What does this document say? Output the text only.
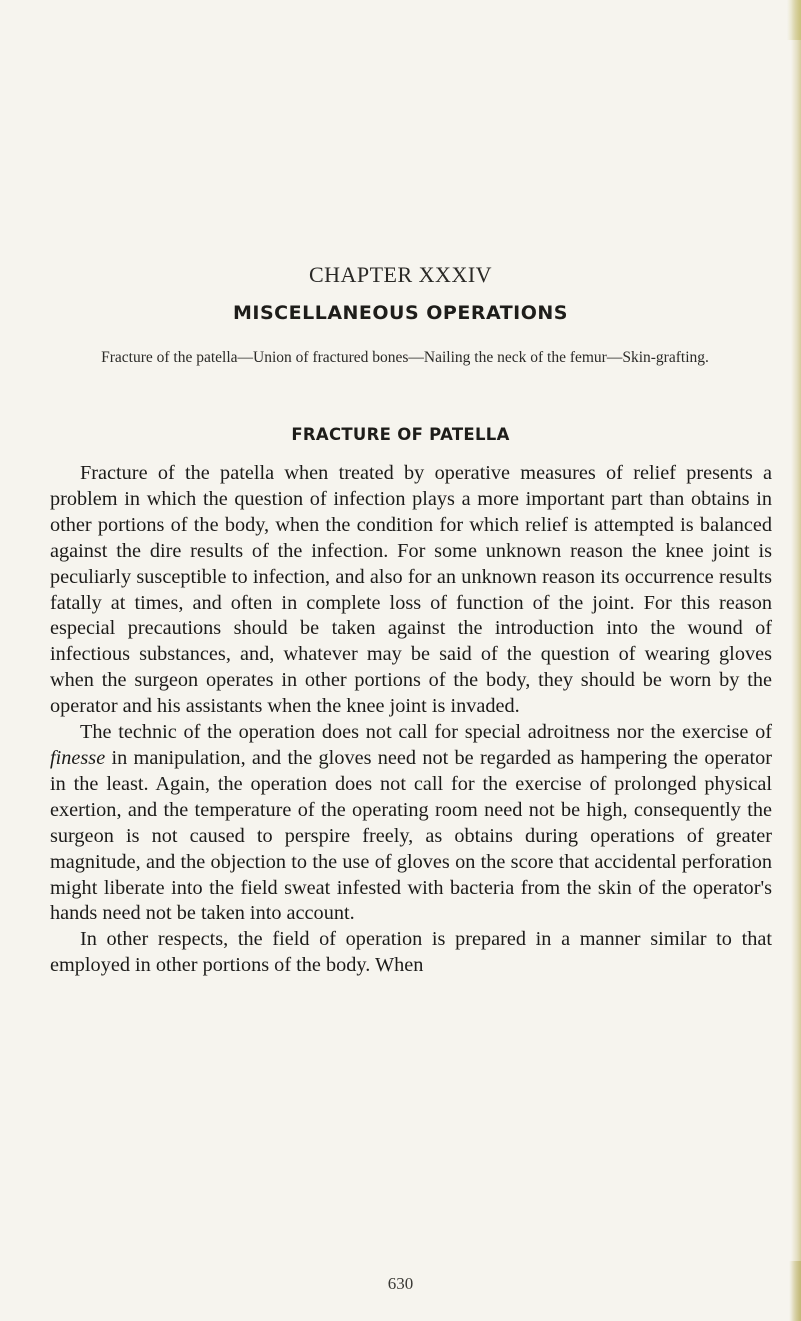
CHAPTER XXXIV
MISCELLANEOUS OPERATIONS
Fracture of the patella—Union of fractured bones—Nailing the neck of the femur—Skin-grafting.
FRACTURE OF PATELLA

Fracture of the patella when treated by operative measures of relief presents a problem in which the question of infection plays a more important part than obtains in other portions of the body, when the condition for which relief is attempted is balanced against the dire results of the infection. For some unknown reason the knee joint is peculiarly susceptible to infection, and also for an unknown reason its occurrence results fatally at times, and often in complete loss of function of the joint. For this reason especial precautions should be taken against the introduction into the wound of infectious substances, and, whatever may be said of the question of wearing gloves when the surgeon operates in other portions of the body, they should be worn by the operator and his assistants when the knee joint is invaded.

The technic of the operation does not call for special adroitness nor the exercise of finesse in manipulation, and the gloves need not be regarded as hampering the operator in the least. Again, the operation does not call for the exercise of prolonged physical exertion, and the temperature of the operating room need not be high, consequently the surgeon is not caused to perspire freely, as obtains during operations of greater magnitude, and the objection to the use of gloves on the score that accidental perforation might liberate into the field sweat infested with bacteria from the skin of the operator's hands need not be taken into account.

In other respects, the field of operation is prepared in a manner similar to that employed in other portions of the body. When

630
